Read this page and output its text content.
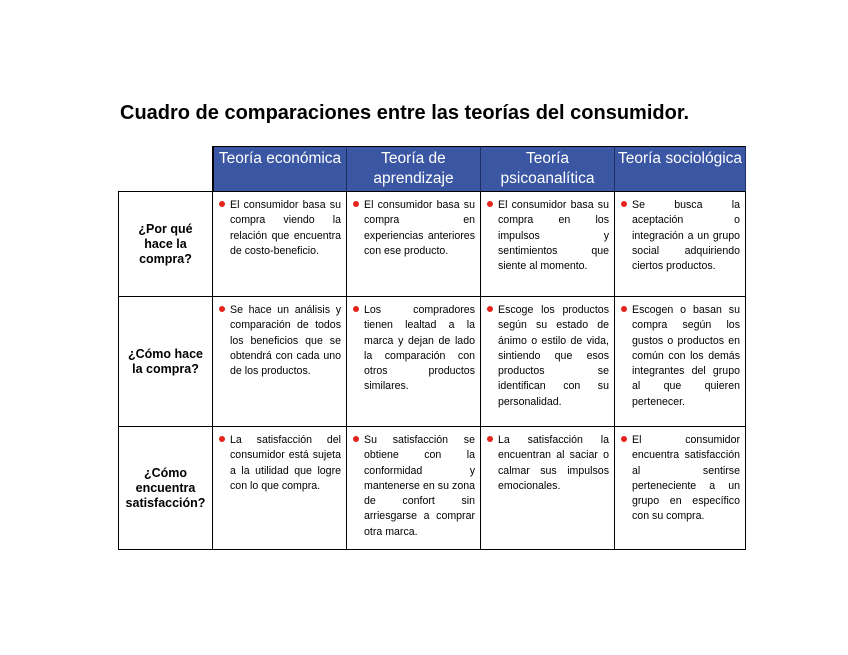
Cuadro de comparaciones entre las teorías del consumidor.
Teoría económica	Teoría de aprendizaje
Teoría psicoanalítica
Teoría sociológica
¿Por qué hace la compra?
El consumidor basa su compra viendo la relación que encuentra de costo-beneficio.
El consumidor basa su compra en experiencias anteriores con ese producto.
El consumidor basa su compra en los impulsos y sentimientos que siente al momento.
Se busca la aceptación o integración a un grupo social adquiriendo ciertos productos.
¿Cómo hace la compra?
Se hace un análisis y comparación de todos los beneficios que se obtendrá con cada uno de los productos.
Los compradores tienen lealtad a la marca y dejan de lado la comparación con otros productos similares.
Escoge los productos según su estado de ánimo o estilo de vida, sintiendo que esos productos se identifican con su personalidad.
Escogen o basan su compra según los gustos o productos en común con los demás integrantes del grupo al que quieren pertenecer.
¿Cómo encuentra satisfacción?
La satisfacción del consumidor está sujeta a la utilidad que logre con lo que compra.
Su satisfacción se obtiene con la conformidad y mantenerse en su zona de confort sin arriesgarse a comprar otra marca.
La satisfacción la encuentran al saciar o calmar sus impulsos emocionales.
El consumidor encuentra satisfacción al sentirse perteneciente a un grupo en específico con su compra.
